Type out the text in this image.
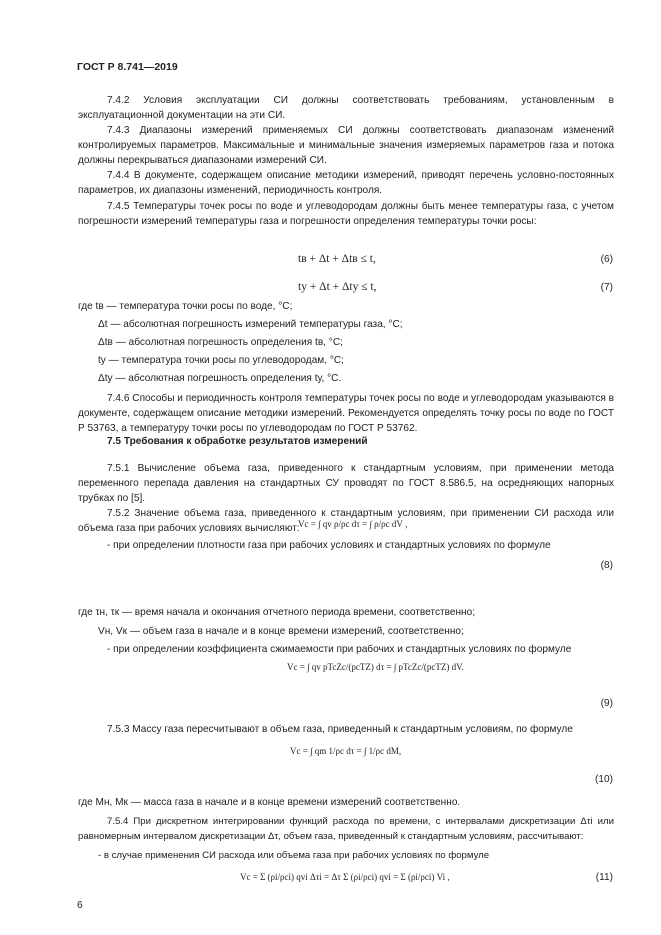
ГОСТ Р 8.741—2019
7.4.2 Условия эксплуатации СИ должны соответствовать требованиям, установленным в эксплуатационной документации на эти СИ.
7.4.3 Диапазоны измерений применяемых СИ должны соответствовать диапазонам изменений контролируемых параметров. Максимальные и минимальные значения измеряемых параметров газа и потока должны перекрываться диапазонами измерений СИ.
7.4.4 В документе, содержащем описание методики измерений, приводят перечень условно-постоянных параметров, их диапазоны изменений, периодичность контроля.
7.4.5 Температуры точек росы по воде и углеводородам должны быть менее температуры газа, с учетом погрешности измерений температуры газа и погрешности определения температуры точки росы:
tв + Δt + Δtв ≤ t,	(6)
tу + Δt + Δtу ≤ t,	(7)
где tв — температура точки росы по воде, °С;
Δt — абсолютная погрешность измерений температуры газа, °С;
Δtв — абсолютная погрешность определения tв, °С;
tу — температура точки росы по углеводородам, °С;
Δtу — абсолютная погрешность определения tу, °С.
7.4.6 Способы и периодичность контроля температуры точек росы по воде и углеводородам указываются в документе, содержащем описание методики измерений. Рекомендуется определять точку росы по воде по ГОСТ Р 53763, а температуру точки росы по углеводородам по ГОСТ Р 53762.
7.5 Требования к обработке результатов измерений
7.5.1 Вычисление объема газа, приведенного к стандартным условиям, при применении метода переменного перепада давления на стандартных СУ проводят по ГОСТ 8.586.5, на осредняющих напорных трубках по [5].
7.5.2 Значение объема газа, приведенного к стандартным условиям, при применении СИ расхода или объема газа при рабочих условиях вычисляют:
- при определении плотности газа при рабочих условиях и стандартных условиях по формуле
Vс = ∫ qv ρ/ρс dτ = ∫ ρ/ρс dV ,
(8)
где τн, τк — время начала и окончания отчетного периода времени, соответственно;
Vн, Vк — объем газа в начале и в конце времени измерений, соответственно;
- при определении коэффициента сжимаемости при рабочих и стандартных условиях по формуле
Vс = ∫ qv pTcZc/(pcTZ) dτ = ∫ pTcZc/(pcTZ) dV.
(9)
7.5.3 Массу газа пересчитывают в объем газа, приведенный к стандартным условиям, по формуле
Vс = ∫ qm 1/ρс dτ = ∫ 1/ρс dM,
(10)
где Mн, Mк — масса газа в начале и в конце времени измерений соответственно.
7.5.4 При дискретном интегрировании функций расхода по времени, с интервалами дискретизации Δτi или равномерным интервалом дискретизации Δτ, объем газа, приведенный к стандартным условиям, рассчитывают:
- в случае применения СИ расхода или объема газа при рабочих условиях по формуле
Vс = Σ (ρi/ρсi) qvi Δτi = Δτ Σ (ρi/ρсi) qvi = Σ (ρi/ρсi) Vi ,	(11)
6
